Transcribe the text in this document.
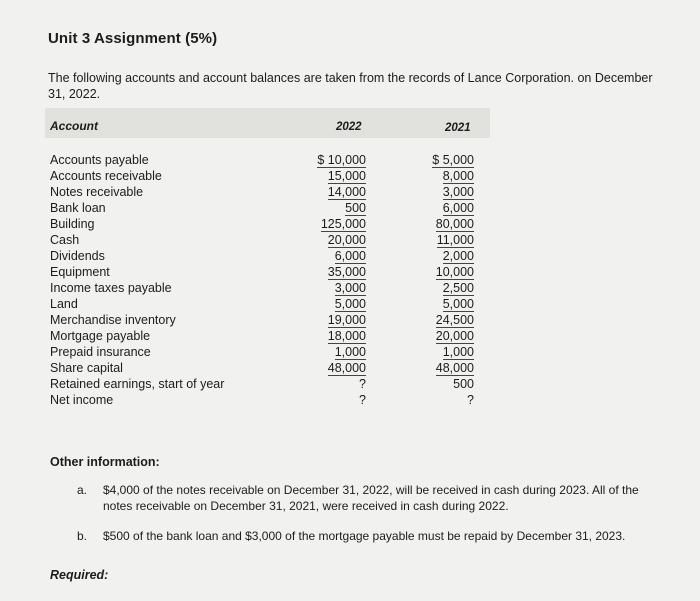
Unit 3 Assignment (5%)
The following accounts and account balances are taken from the records of Lance Corporation. on December 31, 2022.
Account	2022	2021
Accounts payable	$ 10,000	$ 5,000
Accounts receivable	15,000	8,000
Notes receivable	14,000	3,000
Bank loan	500	6,000
Building	125,000	80,000
Cash	20,000	11,000
Dividends	6,000	2,000
Equipment	35,000	10,000
Income taxes payable	3,000	2,500
Land	5,000	5,000
Merchandise inventory	19,000	24,500
Mortgage payable	18,000	20,000
Prepaid insurance	1,000	1,000
Share capital	48,000	48,000
Retained earnings, start of year	?	500
Net income	?	?
Other information:
a. $4,000 of the notes receivable on December 31, 2022, will be received in cash during 2023. All of the notes receivable on December 31, 2021, were received in cash during 2022.
b. $500 of the bank loan and $3,000 of the mortgage payable must be repaid by December 31, 2023.
Required:
